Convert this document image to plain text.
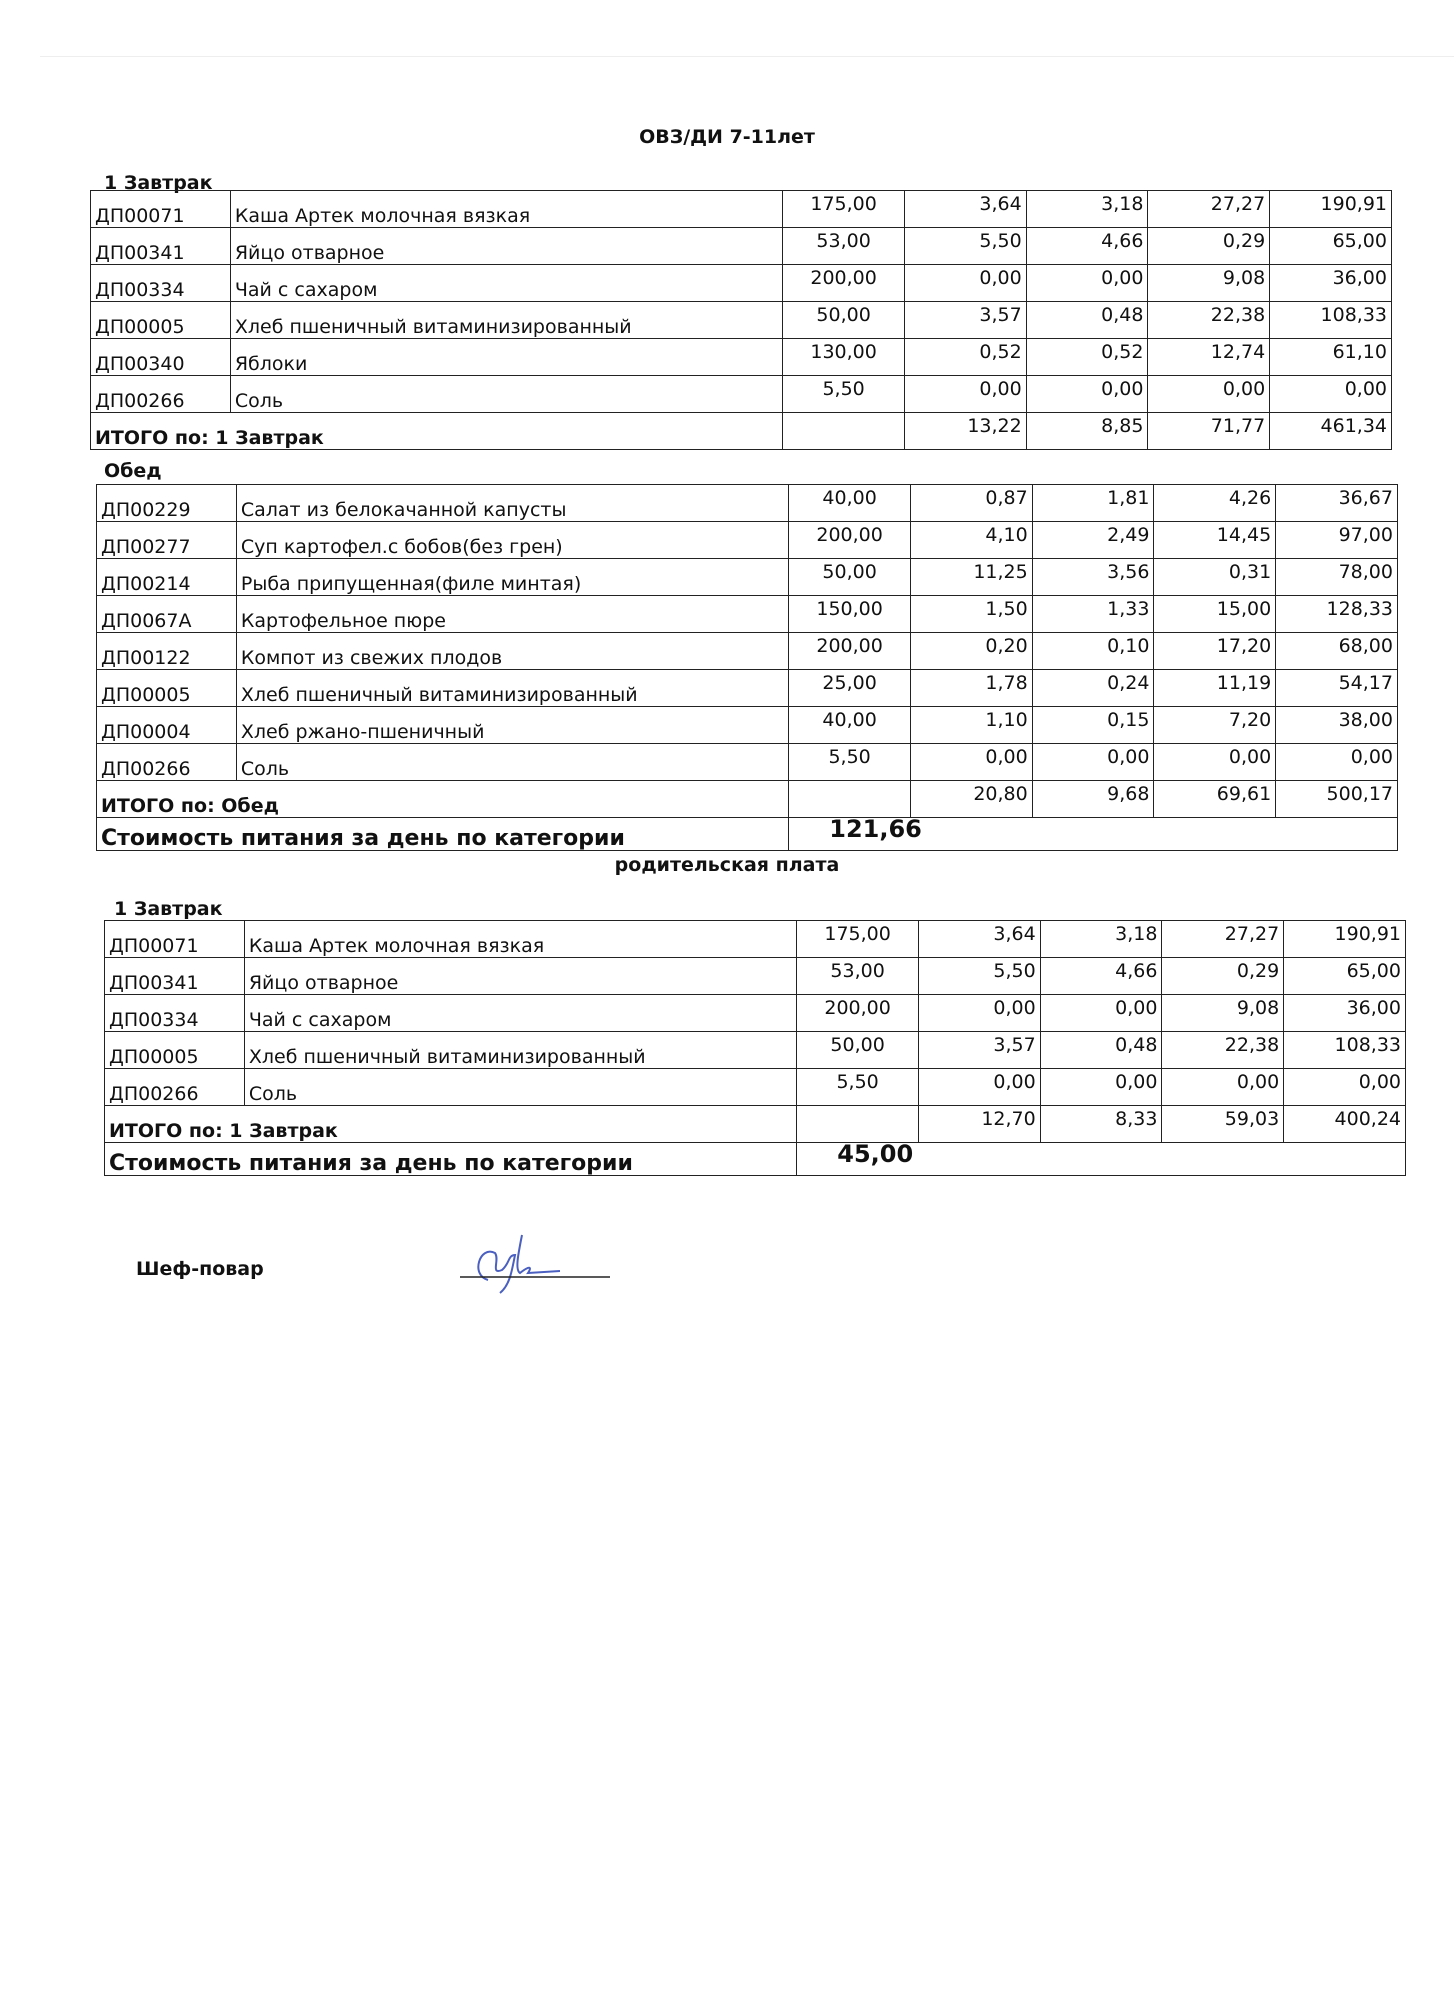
ОВЗ/ДИ 7-11лет
1 Завтрак
ДП00071	Каша Артек молочная вязкая	175,00	3,64	3,18	27,27	190,91
ДП00341	Яйцо отварное	53,00	5,50	4,66	0,29	65,00
ДП00334	Чай с сахаром	200,00	0,00	0,00	9,08	36,00
ДП00005	Хлеб пшеничный витаминизированный	50,00	3,57	0,48	22,38	108,33
ДП00340	Яблоки	130,00	0,52	0,52	12,74	61,10
ДП00266	Соль	5,50	0,00	0,00	0,00	0,00
ИТОГО по: 1 Завтрак			13,22	8,85	71,77	461,34
Обед
ДП00229	Салат из белокачанной капусты	40,00	0,87	1,81	4,26	36,67
ДП00277	Суп картофел.с бобов(без грен)	200,00	4,10	2,49	14,45	97,00
ДП00214	Рыба припущенная(филе минтая)	50,00	11,25	3,56	0,31	78,00
ДП0067А	Картофельное пюре	150,00	1,50	1,33	15,00	128,33
ДП00122	Компот из свежих плодов	200,00	0,20	0,10	17,20	68,00
ДП00005	Хлеб пшеничный витаминизированный	25,00	1,78	0,24	11,19	54,17
ДП00004	Хлеб ржано-пшеничный	40,00	1,10	0,15	7,20	38,00
ДП00266	Соль	5,50	0,00	0,00	0,00	0,00
ИТОГО по: Обед			20,80	9,68	69,61	500,17
Стоимость питания за день по категории		121,66				
родительская плата
1 Завтрак
ДП00071	Каша Артек молочная вязкая	175,00	3,64	3,18	27,27	190,91
ДП00341	Яйцо отварное	53,00	5,50	4,66	0,29	65,00
ДП00334	Чай с сахаром	200,00	0,00	0,00	9,08	36,00
ДП00005	Хлеб пшеничный витаминизированный	50,00	3,57	0,48	22,38	108,33
ДП00266	Соль	5,50	0,00	0,00	0,00	0,00
ИТОГО по: 1 Завтрак			12,70	8,33	59,03	400,24
Стоимость питания за день по категории		45,00				
Шеф-повар
